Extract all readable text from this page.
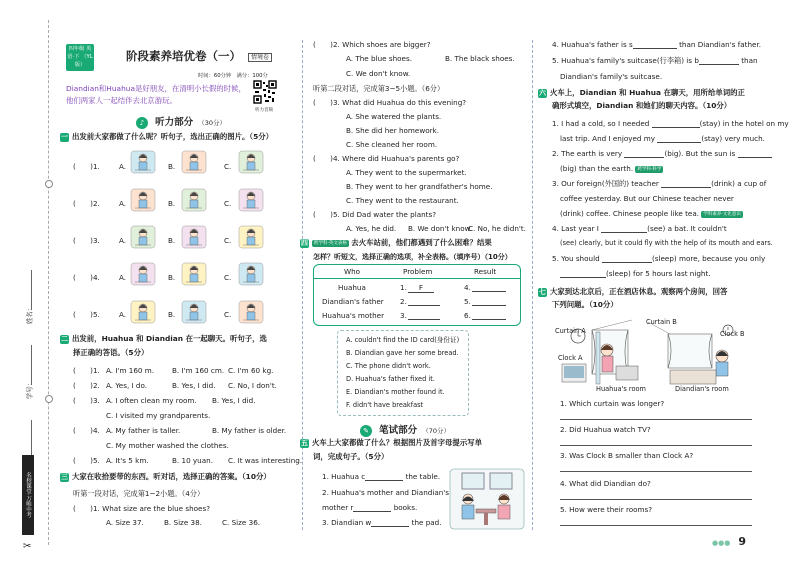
姓名：
学号：
名校课堂·万唯中考
✂
四年级 英语·下 （YL版）
阶段素养培优卷（一） 情境卷
时间：60分钟　满分：100分
听力音频
Diandian和Huahua是好朋友，在清明小长假的时候，他们两家人一起结伴去北京游玩。
♪ 听力部分 （30分）
一 出发前大家都做了什么呢？听句子，选出正确的图片。（5分）
(　　)1.	A.	B.	C.
(　　)2.	A.	B.	C.
(　　)3.	A.	B.	C.
(　　)4.	A.	B.	C.
(　　)5.	A.	B.	C.
二 出发前，Huahua 和 Diandian 在一起聊天。听句子，选
择正确的答语。（5分）
(　　)1. A. I'm 160 m. B. I'm 160 cm. C. I'm 60 kg.
(　　)2. A. Yes, I do.	B. Yes, I did. C. No, I don't.
(　　)3. A. I often clean my room. B. Yes, I did.
C. I visited my grandparents.
(　　)4. A. My father is taller.	B. My father is older.
C. My mother washed the clothes.
(　　)5. A. It's 5 km.	B. 10 yuan. C. It was interesting.
三 大家在收拾要带的东西。听对话，选择正确的答案。（10分）
听第一段对话，完成第1~2小题。（4分）
(　　)1. What size are the blue shoes?
A. Size 37.	B. Size 38.	C. Size 36.
(　　)2. Which shoes are bigger?
A. The blue shoes.	B. The black shoes.
C. We don't know.
听第二段对话，完成第3~5小题。（6分）
(　　)3. What did Huahua do this evening?
A. She watered the plants.
B. She did her homework.
C. She cleaned her room.
(　　)4. Where did Huahua's parents go?
A. They went to the supermarket.
B. They went to her grandfather's home.
C. They went to the restaurant.
(　　)5. Did Dad water the plants?
A. Yes, he did. B. We don't know.
C. No, he didn't.
四 跨学科·英文表格 去火车站前，他们都遇到了什么困难？结果
怎样？听短文，选择正确的选项，补全表格。（填序号）（10分）
Who	Problem	Result
Huahua	1.	F	4.
Diandian's father 2.	5.
Huahua's mother 3.	6.
A. couldn't find the ID card(身份证)
B. Diandian gave her some bread.
C. The phone didn't work.
D. Huahua's father fixed it.
E. Diandian's mother found it.
F. didn't have breakfast
✎ 笔试部分 （70分）
五 火车上大家都做了什么？根据图片及首字母提示写单
词，完成句子。（5分）
1. Huahua c	the table.
2. Huahua's mother and Diandian's
mother r	books.
3. Diandian w	the pad.
4. Huahua's father is s	than Diandian's father.
5. Huahua's family's suitcase(行李箱) is b	than
Diandian's family's suitcase.
六 火车上，Diandian 和 Huahua 在聊天，用所给单词的正
确形式填空，Diandian 和她们的聊天内容。（10分）
1. I had a cold, so I needed	(stay) in the hotel on my
last trip. And I enjoyed my	(stay) very much.
2. The earth is very	(big). But the sun is
(big) than the earth. 跨学科·科学
3. Our foreign(外国的) teacher	(drink) a cup of
coffee yesterday. But our Chinese teacher never
(drink) coffee. Chinese people like tea. 学科素养·文化意识
4. Last year I	(see) a bat. It couldn't
(see) clearly, but it could fly with the help of its mouth and ears.
5. You should	(sleep) more, because you only
(sleep) for 5 hours last night.
七 大家到达北京后，正在酒店休息。观察两个房间，回答
下列问题。（10分）
Curtain B
Curtain A	Clock B
Clock A
Huahua's room	Diandian's room
1. Which curtain was longer?
2. Did Huahua watch TV?
3. Was Clock B smaller than Clock A?
4. What did Diandian do?
5. How were their rooms?
●●● 9
